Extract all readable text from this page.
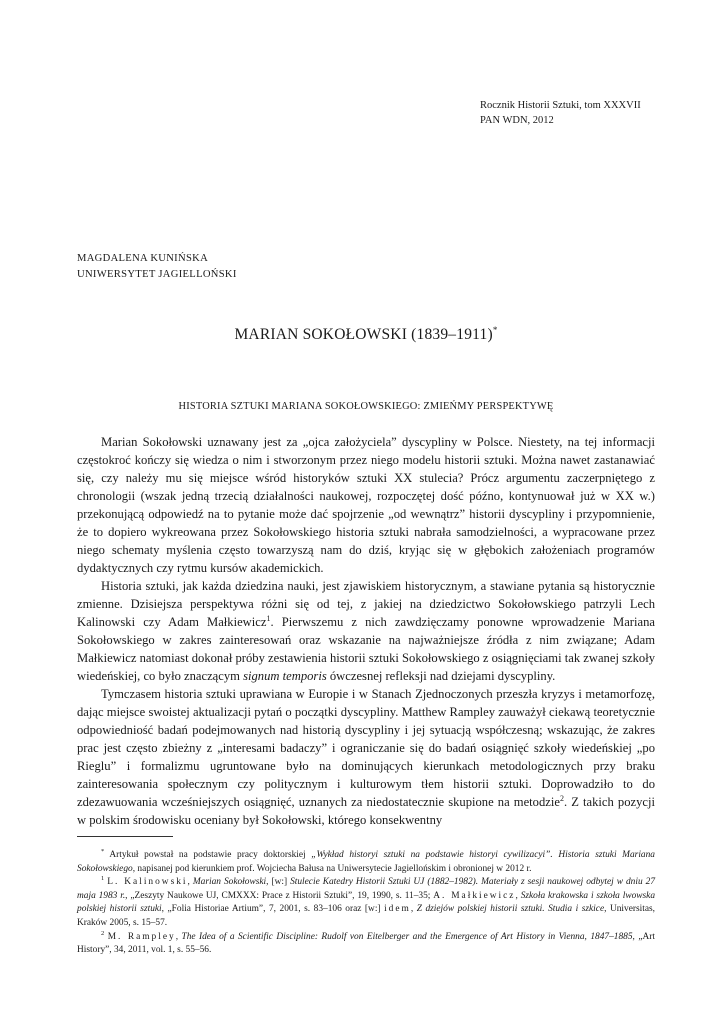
Rocznik Historii Sztuki, tom XXXVII
PAN WDN, 2012
MAGDALENA KUNIŃSKA
UNIWERSYTET JAGIELLOŃSKI
MARIAN SOKOŁOWSKI (1839–1911)*
HISTORIA SZTUKI MARIANA SOKOŁOWSKIEGO: ZMIEŃMY PERSPEKTYWĘ

Marian Sokołowski uznawany jest za „ojca założyciela” dyscypliny w Polsce. Niestety, na tej informacji częstokroć kończy się wiedza o nim i stworzonym przez niego modelu historii sztuki. Można nawet zastanawiać się, czy należy mu się miejsce wśród historyków sztuki XX stulecia? Prócz argumentu zaczerpniętego z chronologii (wszak jedną trzecią działalności naukowej, rozpoczętej dość późno, kontynuował już w XX w.) przekonującą odpowiedź na to pytanie może dać spojrzenie „od wewnątrz” historii dyscypliny i przypomnienie, że to dopiero wykreowana przez Sokołowskiego historia sztuki nabrała samodzielności, a wypracowane przez niego schematy myślenia często towarzyszą nam do dziś, kryjąc się w głębokich założeniach programów dydaktycznych czy rytmu kursów akademickich.

Historia sztuki, jak każda dziedzina nauki, jest zjawiskiem historycznym, a stawiane pytania są historycznie zmienne. Dzisiejsza perspektywa różni się od tej, z jakiej na dziedzictwo Sokołowskiego patrzyli Lech Kalinowski czy Adam Małkiewicz$^1$. Pierwszemu z nich zawdzięczamy ponowne wprowadzenie Mariana Sokołowskiego w zakres zainteresowań oraz wskazanie na najważniejsze źródła z nim związane; Adam Małkiewicz natomiast dokonał próby zestawienia historii sztuki Sokołowskiego z osiągnięciami tak zwanej szkoły wiedeńskiej, co było znaczącym signum temporis ówczesnej refleksji nad dziejami dyscypliny.

Tymczasem historia sztuki uprawiana w Europie i w Stanach Zjednoczonych przeszła kryzys i metamorfozę, dając miejsce swoistej aktualizacji pytań o początki dyscypliny. Matthew Rampley zauważył ciekawą teoretycznie odpowiedniość badań podejmowanych nad historią dyscypliny i jej sytuacją współczesną; wskazując, że zakres prac jest często zbieżny z „interesami badaczy” i ograniczanie się do badań osiągnięć szkoły wiedeńskiej „po Rieglu” i formalizmu ugruntowane było na dominujących kierunkach metodologicznych przy braku zainteresowania społecznym czy politycznym i kulturowym tłem historii sztuki. Doprowadziło to do zdezawuowania wcześniejszych osiągnięć, uznanych za niedostatecznie skupione na metodzie$^2$. Z takich pozycji w polskim środowisku oceniany był Sokołowski, którego konsekwentny

* Artykuł powstał na podstawie pracy doktorskiej „Wykład historyi sztuki na podstawie historyi cywilizacyi”. Historia sztuki Mariana Sokołowskiego, napisanej pod kierunkiem prof. Wojciecha Bałusa na Uniwersytecie Jagiellońskim i obronionej w 2012 r.

$^1$ L. Kalinowski, Marian Sokołowski, [w:] Stulecie Katedry Historii Sztuki UJ (1882–1982). Materiały z sesji naukowej odbytej w dniu 27 maja 1983 r., „Zeszyty Naukowe UJ, CMXXX: Prace z Historii Sztuki”, 19, 1990, s. 11–35; A. Małkiewicz, Szkoła krakowska i szkoła lwowska polskiej historii sztuki, „Folia Historiae Artium”, 7, 2001, s. 83–106 oraz [w:] idem, Z dziejów polskiej historii sztuki. Studia i szkice, Universitas, Kraków 2005, s. 15–57.

$^2$ M. Rampley, The Idea of a Scientific Discipline: Rudolf von Eitelberger and the Emergence of Art History in Vienna, 1847–1885, „Art History”, 34, 2011, vol. 1, s. 55–56.
